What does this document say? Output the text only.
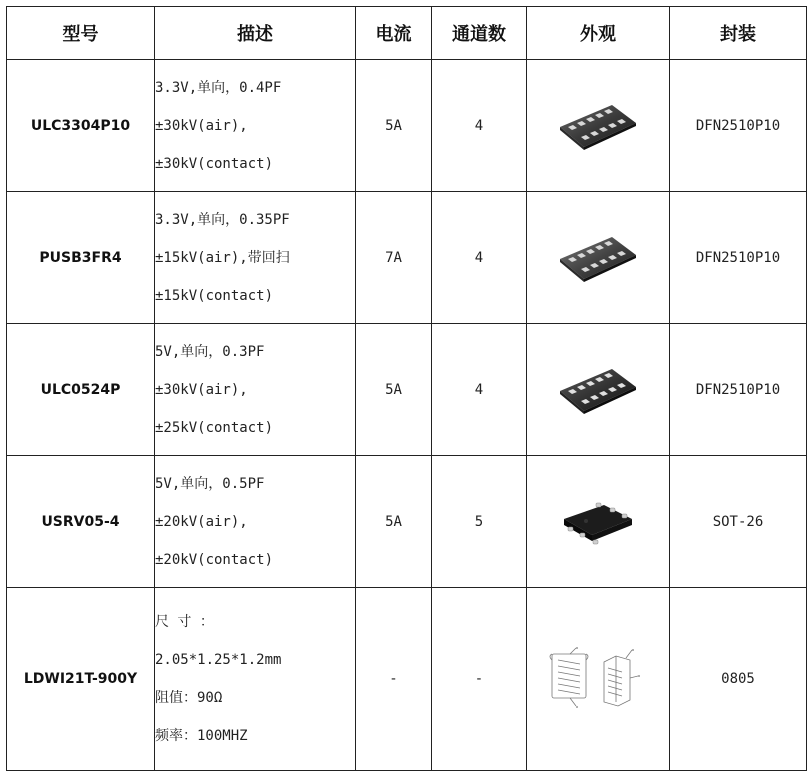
型号	描述	电流	通道数	外观	封装
ULC3304P10	3.3V,单向，0.4PF
±30kV(air),
±30kV(contact)	5A	4		DFN2510P10
PUSB3FR4	3.3V,单向，0.35PF
±15kV(air),带回扫
±15kV(contact)	7A	4		DFN2510P10
ULC0524P	5V,单向，0.3PF
±30kV(air),
±25kV(contact)	5A	4		DFN2510P10
USRV05-4	5V,单向，0.5PF
±20kV(air),
±20kV(contact)	5A	5		SOT-26
LDWI21T-900Y	尺 寸 ：
2.05*1.25*1.2mm
阻值：90Ω
频率：100MHZ	-	-		0805
